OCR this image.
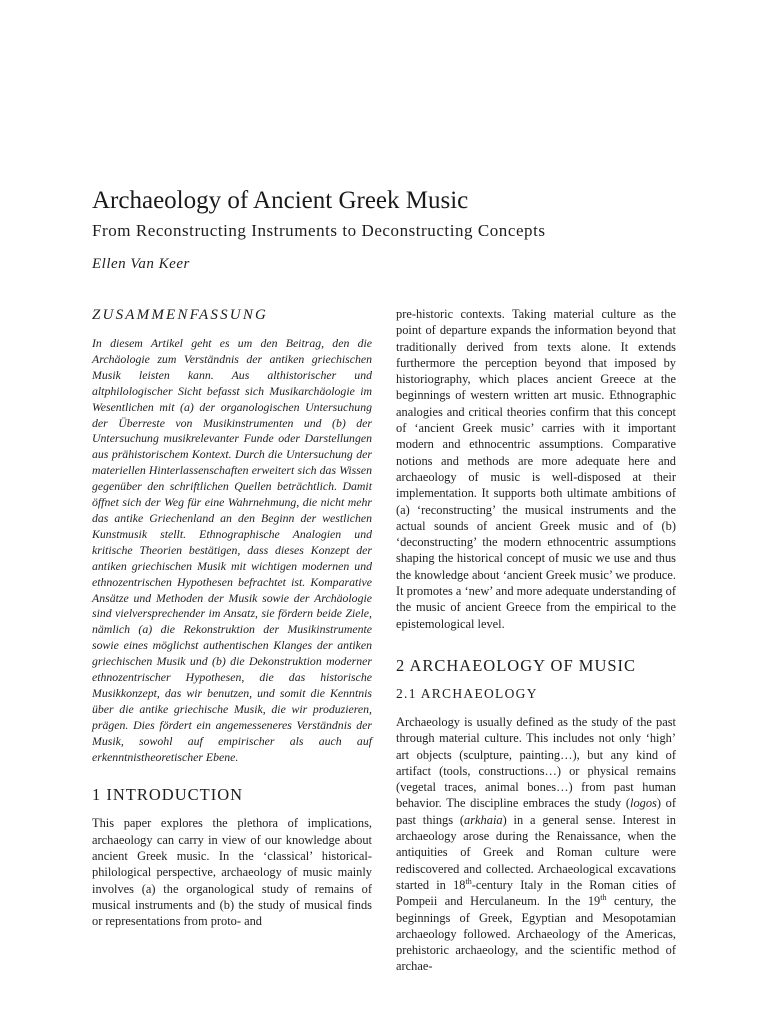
Archaeology of Ancient Greek Music
From Reconstructing Instruments to Deconstructing Concepts
Ellen Van Keer
ZUSAMMENFASSUNG

In diesem Artikel geht es um den Beitrag, den die Archäologie zum Verständnis der antiken griechischen Musik leisten kann. Aus althistorischer und altphilologischer Sicht befasst sich Musikarchäologie im Wesentlichen mit (a) der organologischen Untersuchung der Überreste von Musikinstrumenten und (b) der Untersuchung musikrelevanter Funde oder Darstellungen aus prähistorischem Kontext. Durch die Untersuchung der materiellen Hinterlassenschaften erweitert sich das Wissen gegenüber den schriftlichen Quellen beträchtlich. Damit öffnet sich der Weg für eine Wahrnehmung, die nicht mehr das antike Griechenland an den Beginn der westlichen Kunstmusik stellt. Ethnographische Analogien und kritische Theorien bestätigen, dass dieses Konzept der antiken griechischen Musik mit wichtigen modernen und ethnozentrischen Hypothesen befrachtet ist. Komparative Ansätze und Methoden der Musik sowie der Archäologie sind vielversprechender im Ansatz, sie fördern beide Ziele, nämlich (a) die Rekonstruktion der Musikinstrumente sowie eines möglichst authentischen Klanges der antiken griechischen Musik und (b) die Dekonstruktion moderner ethnozentrischer Hypothesen, die das historische Musikkonzept, das wir benutzen, und somit die Kenntnis über die antike griechische Musik, die wir produzieren, prägen. Dies fördert ein angemesseneres Verständnis der Musik, sowohl auf empirischer als auch auf erkenntnistheoretischer Ebene.

1 INTRODUCTION

This paper explores the plethora of implications, archaeology can carry in view of our knowledge about ancient Greek music. In the ‘classical’ historical-philological perspective, archaeology of music mainly involves (a) the organological study of remains of musical instruments and (b) the study of musical finds or representations from proto- and

pre-historic contexts. Taking material culture as the point of departure expands the information beyond that traditionally derived from texts alone. It extends furthermore the perception beyond that imposed by historiography, which places ancient Greece at the beginnings of western written art music. Ethnographic analogies and critical theories confirm that this concept of ‘ancient Greek music’ carries with it important modern and ethnocentric assumptions. Comparative notions and methods are more adequate here and archaeology of music is well-disposed at their implementation. It supports both ultimate ambitions of (a) ‘reconstructing’ the musical instruments and the actual sounds of ancient Greek music and of (b) ‘deconstructing’ the modern ethnocentric assumptions shaping the historical concept of music we use and thus the knowledge about ‘ancient Greek music’ we produce. It promotes a ‘new’ and more adequate understanding of the music of ancient Greece from the empirical to the epistemological level.

2 ARCHAEOLOGY OF MUSIC
2.1 ARCHAEOLOGY

Archaeology is usually defined as the study of the past through material culture. This includes not only ‘high’ art objects (sculpture, painting…), but any kind of artifact (tools, constructions…) or physical remains (vegetal traces, animal bones…) from past human behavior. The discipline embraces the study (logos) of past things (arkhaia) in a general sense. Interest in archaeology arose during the Renaissance, when the antiquities of Greek and Roman culture were rediscovered and collected. Archaeological excavations started in 18th-century Italy in the Roman cities of Pompeii and Herculaneum. In the 19th century, the beginnings of Greek, Egyptian and Mesopotamian archaeology followed. Archaeology of the Americas, prehistoric archaeology, and the scientific method of archae-
